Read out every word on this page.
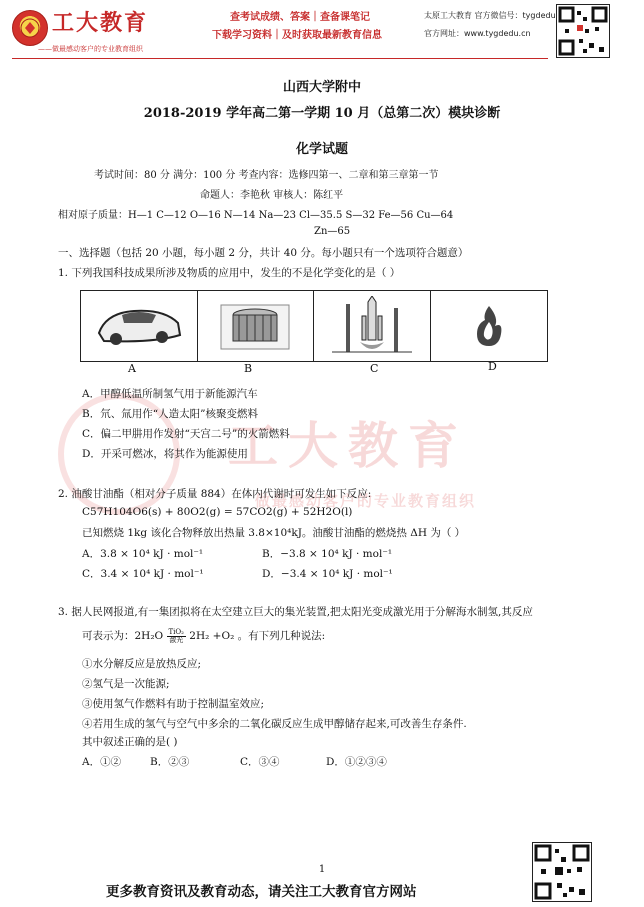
工大教育
——做最感动客户的专业教育组织
查考试成绩、答案｜查备课笔记
下载学习资料｜及时获取最新教育信息
太原工大教育 官方微信号：tygdedu
官方网址：www.tygdedu.cn
工大教育
做最感动客户的专业教育组织
山西大学附中
2018-2019 学年高二第一学期 10 月（总第二次）模块诊断
化学试题
考试时间：80 分 满分：100 分 考查内容：选修四第一、二章和第三章第一节
命题人：李艳秋 审核人：陈红平
相对原子质量：H—1 C—12 O—16 N—14 Na—23 Cl—35.5 S—32 Fe—56 Cu—64
Zn—65
一、选择题（包括 20 小题，每小题 2 分，共计 40 分。每小题只有一个选项符合题意）
1. 下列我国科技成果所涉及物质的应用中，发生的不是化学变化的是（ ）
A	B	C	D
A．甲醇低温所制氢气用于新能源汽车
B．氘、氚用作“人造太阳”核聚变燃料
C．偏二甲肼用作发射“天宫二号”的火箭燃料
D．开采可燃冰，将其作为能源使用
2. 油酸甘油酯（相对分子质量 884）在体内代谢时可发生如下反应:
C57H104O6(s) + 80O2(g) = 57CO2(g) + 52H2O(l)
已知燃烧 1kg 该化合物释放出热量 3.8×10⁴kJ。油酸甘油酯的燃烧热 ΔH 为（ ）
A．3.8 × 10⁴ kJ · mol⁻¹	B．−3.8 × 10⁴ kJ · mol⁻¹
C．3.4 × 10⁴ kJ · mol⁻¹	D．−3.4 × 10⁴ kJ · mol⁻¹
3. 据人民网报道,有一集团拟将在太空建立巨大的集光装置,把太阳光变成激光用于分解海水制氢,其反应
可表示为：$2H_2O \frac{\text{TiO₂}}{\text{激光}} 2H_2 +O_2$ 。有下列几种说法:
①水分解反应是放热反应;
②氢气是一次能源;
③使用氢气作燃料有助于控制温室效应;
④若用生成的氢气与空气中多余的二氧化碳反应生成甲醇储存起来,可改善生存条件.
其中叙述正确的是( )
A．①②	B．②③	C．③④	D．①②③④
1
更多教育资讯及教育动态，请关注工大教育官方网站
